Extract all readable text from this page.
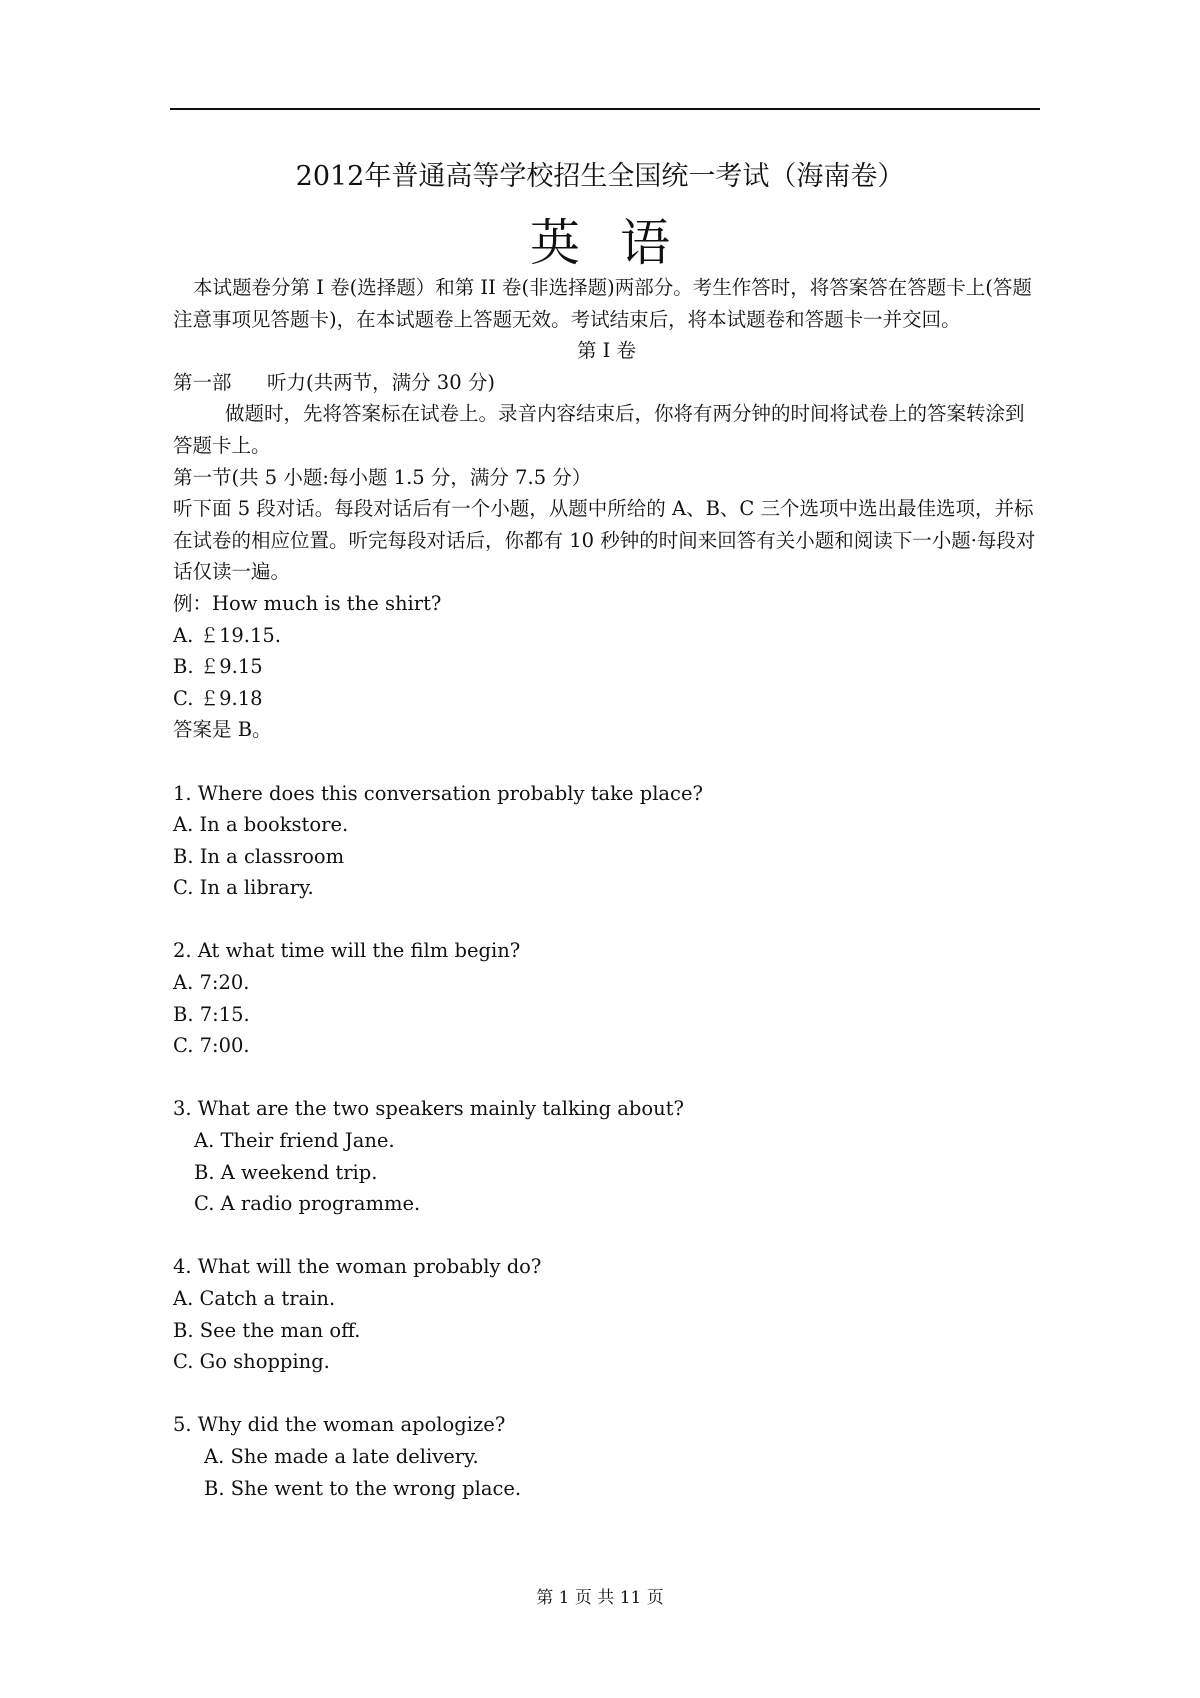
2012年普通高等学校招生全国统一考试（海南卷）
英语

本试题卷分第 I 卷(选择题）和第 II 卷(非选择题)两部分。考生作答时，将答案答在答题卡上(答题注意事项见答题卡)，在本试题卷上答题无效。考试结束后，将本试题卷和答题卡一并交回。

第 I 卷

第一部 听力(共两节，满分 30 分)

做题时，先将答案标在试卷上。录音内容结束后，你将有两分钟的时间将试卷上的答案转涂到答题卡上。

第一节(共 5 小题:每小题 1.5 分，满分 7.5 分）

听下面 5 段对话。每段对话后有一个小题，从题中所给的 A、B、C 三个选项中选出最佳选项，并标在试卷的相应位置。听完每段对话后，你都有 10 秒钟的时间来回答有关小题和阅读下一小题·每段对话仅读一遍。

例：How much is the shirt?

A. ￡19.15.

B. ￡9.15

C. ￡9.18

答案是 B。

1. Where does this conversation probably take place?

A. In a bookstore.

B. In a classroom

C. In a library.

2. At what time will the film begin?

A. 7:20.

B. 7:15.

C. 7:00.

3. What are the two speakers mainly talking about?

A. Their friend Jane.

B. A weekend trip.

C. A radio programme.

4. What will the woman probably do?

A. Catch a train.

B. See the man off.

C. Go shopping.

5. Why did the woman apologize?

A. She made a late delivery.

B. She went to the wrong place.

第 1 页 共 11 页
